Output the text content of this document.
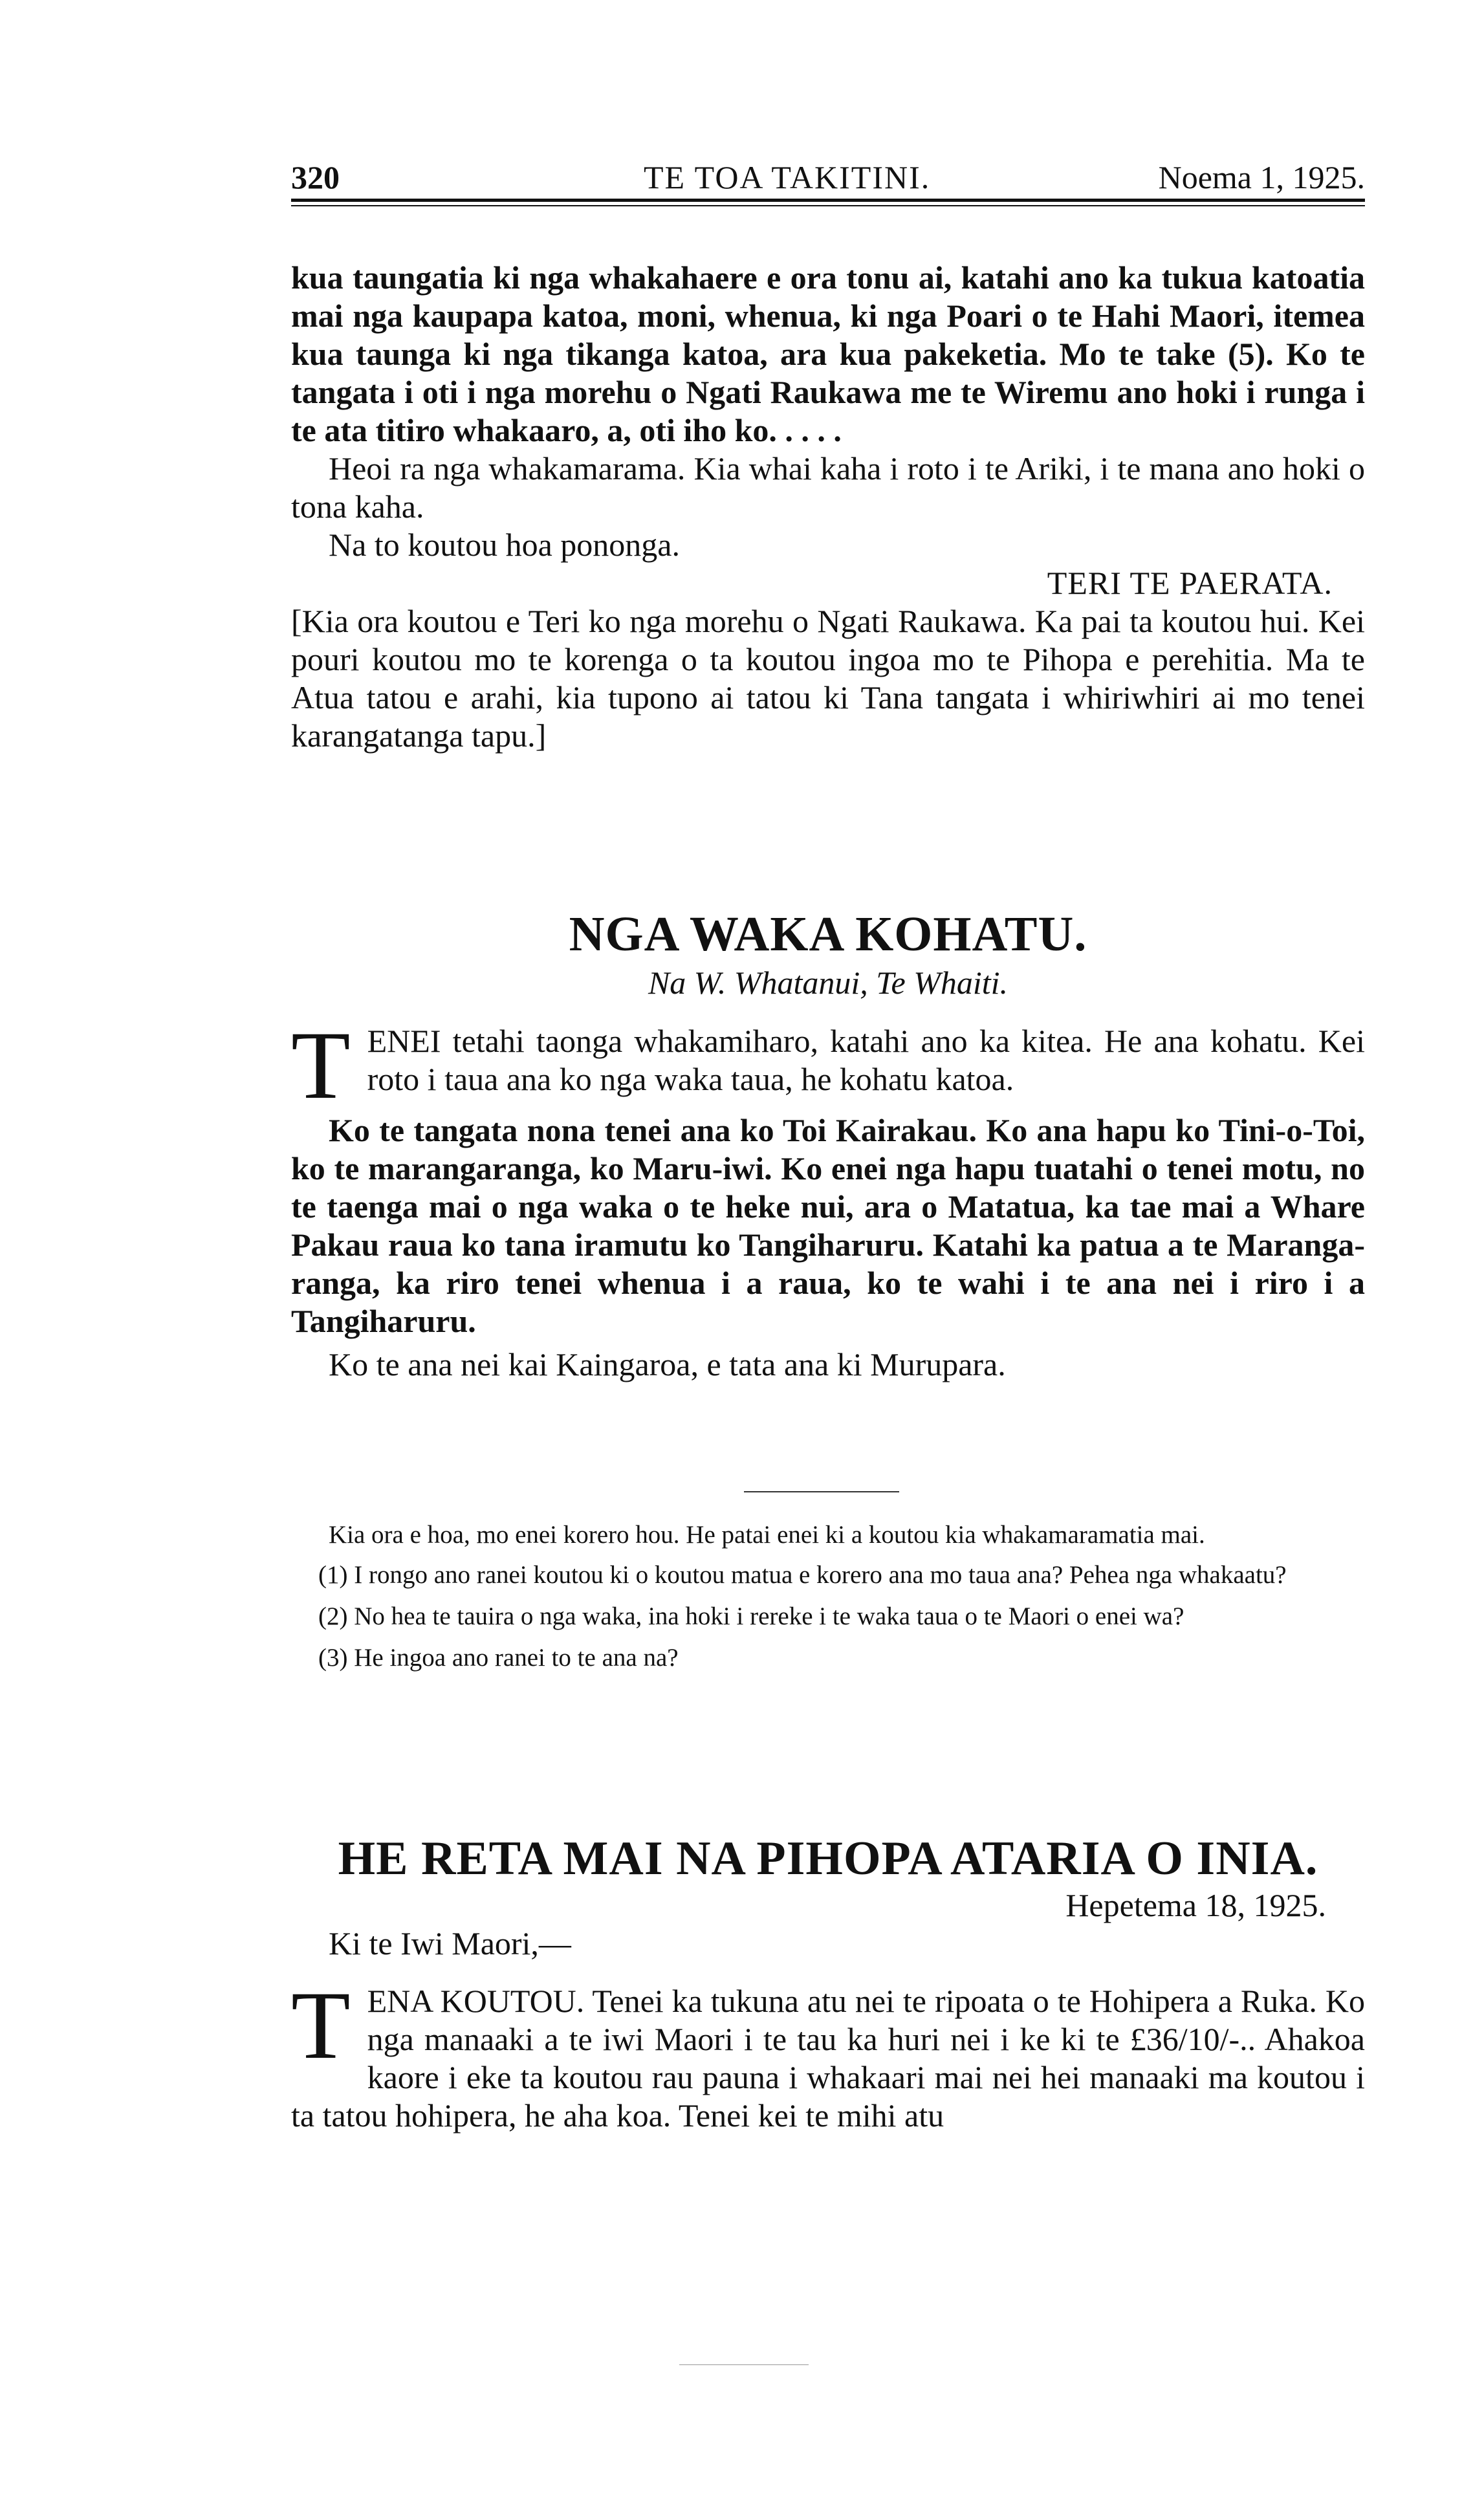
320	TE TOA TAKITINI.	Noema 1, 1925.

kua taungatia ki nga whakahaere e ora tonu ai, katahi ano ka tukua katoatia mai nga kaupapa katoa, moni, whenua, ki nga Poari o te Hahi Maori, itemea kua taunga ki nga tikanga katoa, ara kua pakeketia. Mo te take (5). Ko te tangata i oti i nga morehu o Ngati Raukawa me te Wiremu ano hoki i runga i te ata titiro whakaaro, a, oti iho ko. . . . .

Heoi ra nga whakamarama. Kia whai kaha i roto i te Ariki, i te mana ano hoki o tona kaha.

Na to koutou hoa pononga.

TERI TE PAERATA.

[Kia ora koutou e Teri ko nga morehu o Ngati Raukawa. Ka pai ta koutou hui. Kei pouri koutou mo te korenga o ta koutou ingoa mo te Pihopa e perehitia. Ma te Atua tatou e arahi, kia tupono ai tatou ki Tana tangata i whiriwhiri ai mo tenei karangatanga tapu.]

NGA WAKA KOHATU.

Na W. Whatanui, Te Whaiti.

TENEI tetahi taonga whakamiharo, katahi ano ka kitea. He ana kohatu. Kei roto i taua ana ko nga waka taua, he kohatu katoa.

Ko te tangata nona tenei ana ko Toi Kairakau. Ko ana hapu ko Tini-o-Toi, ko te marangaranga, ko Maru-iwi. Ko enei nga hapu tuatahi o tenei motu, no te taenga mai o nga waka o te heke nui, ara o Matatua, ka tae mai a Whare Pakau raua ko tana iramutu ko Tangiharuru. Katahi ka patua a te Maranga-ranga, ka riro tenei whenua i a raua, ko te wahi i te ana nei i riro i a Tangiharuru.

Ko te ana nei kai Kaingaroa, e tata ana ki Murupara.

Kia ora e hoa, mo enei korero hou. He patai enei ki a koutou kia whakamaramatia mai.

(1) I rongo ano ranei koutou ki o koutou matua e korero ana mo taua ana? Pehea nga whakaatu?

(2) No hea te tauira o nga waka, ina hoki i rereke i te waka taua o te Maori o enei wa?

(3) He ingoa ano ranei to te ana na?

HE RETA MAI NA PIHOPA ATARIA O INIA.

Hepetema 18, 1925.

Ki te Iwi Maori,—

TENA KOUTOU. Tenei ka tukuna atu nei te ripoata o te Hohipera a Ruka. Ko nga manaaki a te iwi Maori i te tau ka huri nei i ke ki te £36/10/-.. Ahakoa kaore i eke ta koutou rau pauna i whakaari mai nei hei manaaki ma koutou i ta tatou hohipera, he aha koa. Tenei kei te mihi atu
